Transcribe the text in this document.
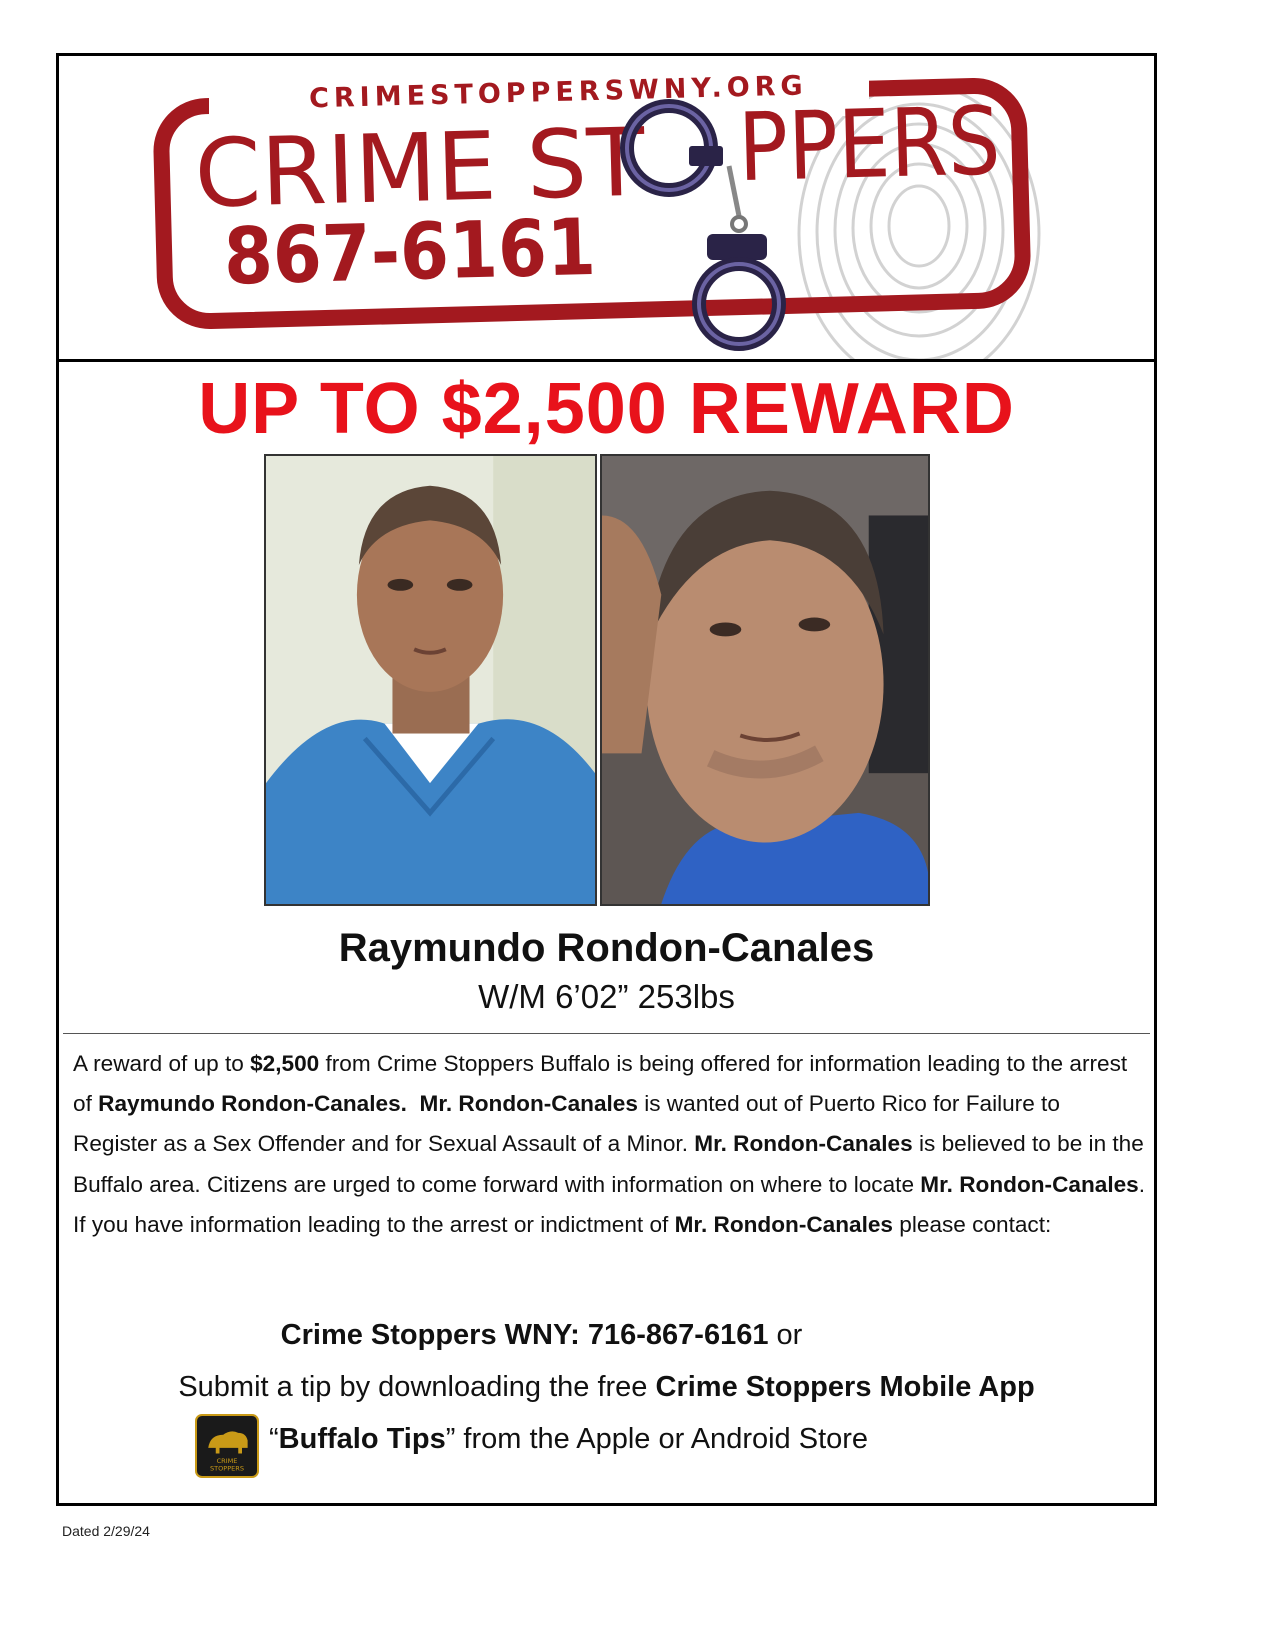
CRIMESTOPPERSWNY.ORG
CRIME ST PPERS
867-6161
UP TO $2,500 REWARD
Raymundo Rondon-Canales
W/M 6’02” 253lbs
A reward of up to $2,500 from Crime Stoppers Buffalo is being offered for information leading to the arrest of Raymundo Rondon-Canales. Mr. Rondon-Canales is wanted out of Puerto Rico for Failure to Register as a Sex Offender and for Sexual Assault of a Minor. Mr. Rondon-Canales is believed to be in the Buffalo area. Citizens are urged to come forward with information on where to locate Mr. Rondon-Canales. If you have information leading to the arrest or indictment of Mr. Rondon-Canales please contact:
Crime Stoppers WNY: 716-867-6161 or
Submit a tip by downloading the free Crime Stoppers Mobile App
CRIME
STOPPERS
“Buffalo Tips” from the Apple or Android Store
Dated 2/29/24
